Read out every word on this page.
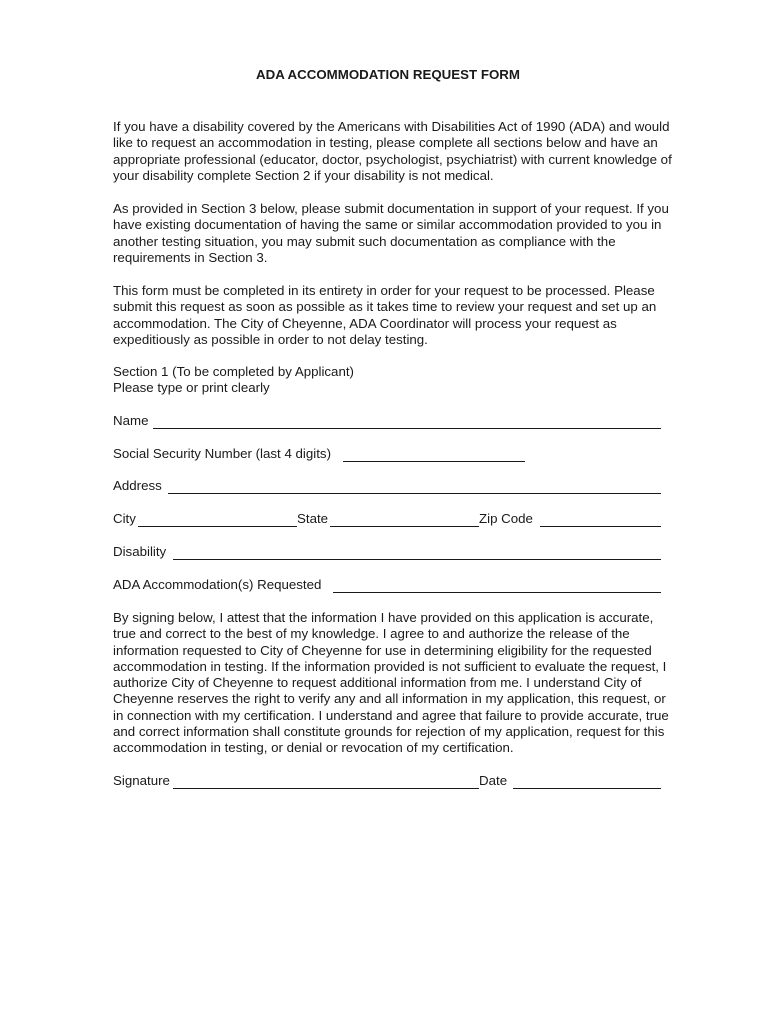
ADA ACCOMMODATION REQUEST FORM

If you have a disability covered by the Americans with Disabilities Act of 1990 (ADA) and would
like to request an accommodation in testing, please complete all sections below and have an
appropriate professional (educator, doctor, psychologist, psychiatrist) with current knowledge of
your disability complete Section 2 if your disability is not medical.

As provided in Section 3 below, please submit documentation in support of your request. If you
have existing documentation of having the same or similar accommodation provided to you in
another testing situation, you may submit such documentation as compliance with the
requirements in Section 3.

This form must be completed in its entirety in order for your request to be processed. Please
submit this request as soon as possible as it takes time to review your request and set up an
accommodation. The City of Cheyenne, ADA Coordinator will process your request as
expeditiously as possible in order to not delay testing.

Section 1 (To be completed by Applicant)
Please type or print clearly

Name
Social Security Number (last 4 digits)
Address
City	State	Zip Code
Disability
ADA Accommodation(s) Requested

By signing below, I attest that the information I have provided on this application is accurate,
true and correct to the best of my knowledge. I agree to and authorize the release of the
information requested to City of Cheyenne for use in determining eligibility for the requested
accommodation in testing. If the information provided is not sufficient to evaluate the request, I
authorize City of Cheyenne to request additional information from me. I understand City of
Cheyenne reserves the right to verify any and all information in my application, this request, or
in connection with my certification. I understand and agree that failure to provide accurate, true
and correct information shall constitute grounds for rejection of my application, request for this
accommodation in testing, or denial or revocation of my certification.

Signature	Date
